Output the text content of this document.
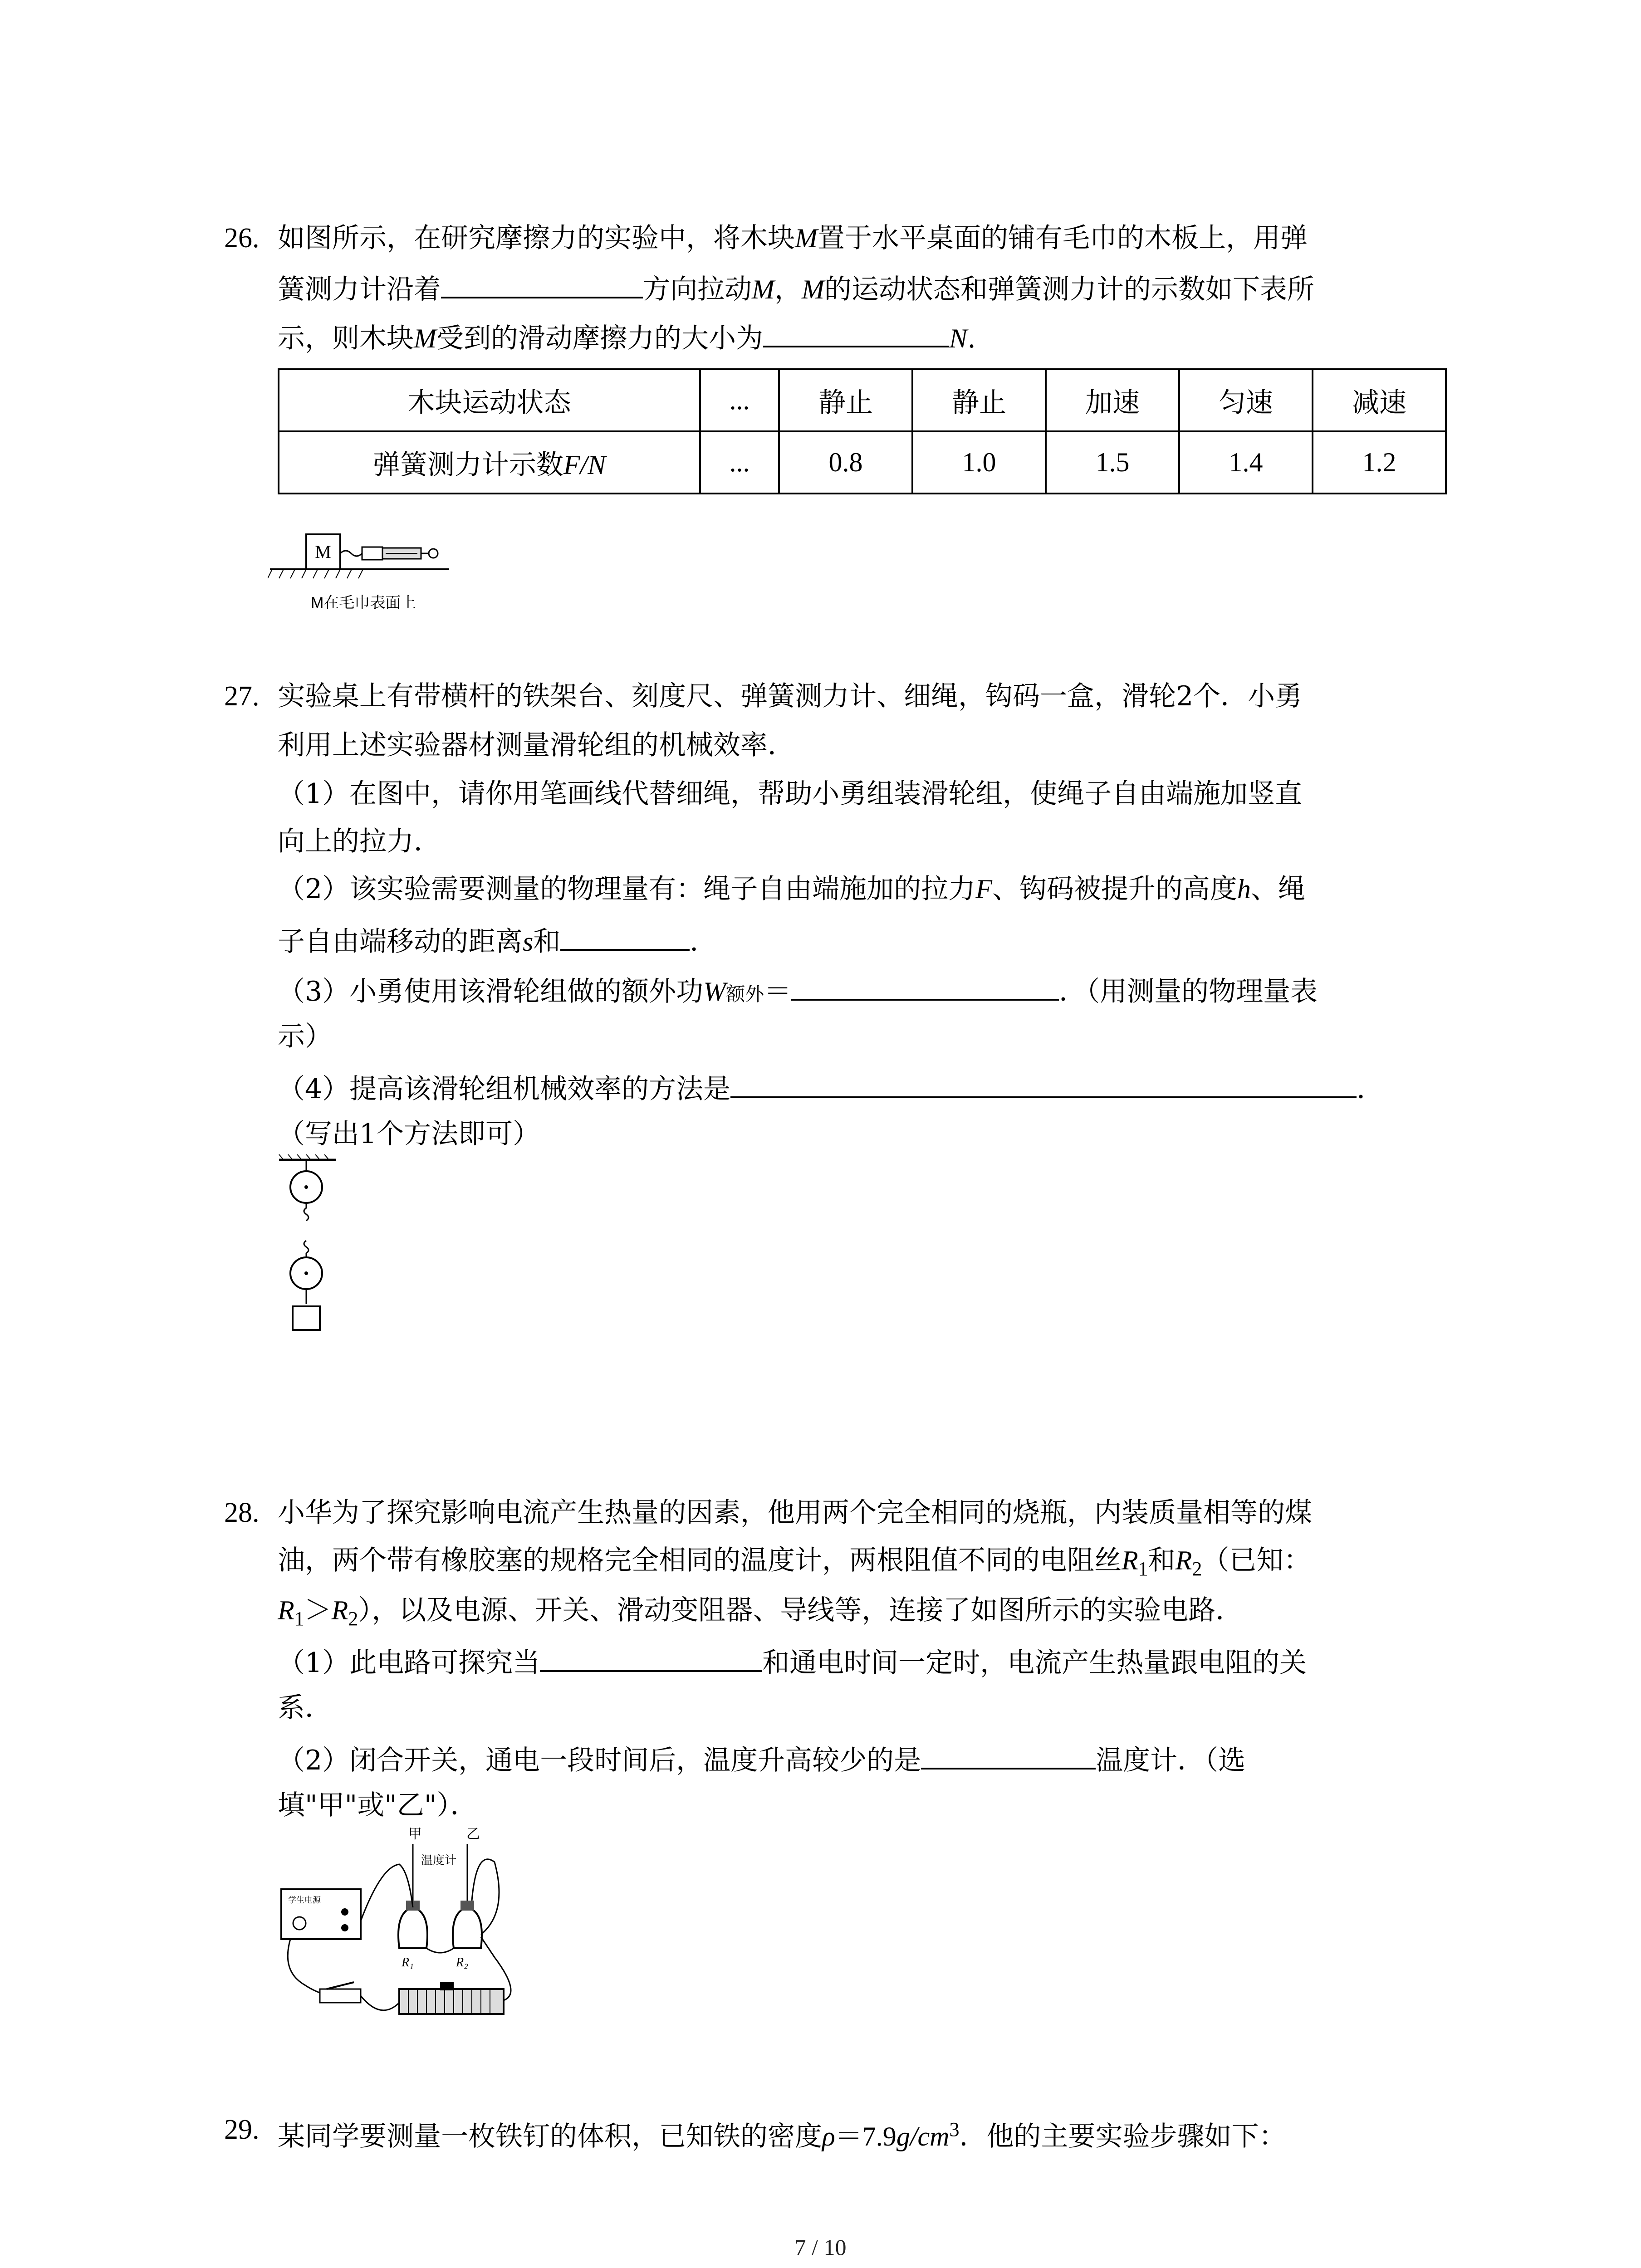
26. 如图所示，在研究摩擦力的实验中，将木块M置于水平桌面的铺有毛巾的木板上，用弹
簧测力计沿着	方向拉动M，M的运动状态和弹簧测力计的示数如下表所
示，则木块M受到的滑动摩擦力的大小为	N.
木块运动状态	...	静止	静止	加速	匀速	减速
弹簧测力计示数F/N	...	0.8	1.0	1.5	1.4	1.2
M
M在毛巾表面上
27. 实验桌上有带横杆的铁架台、刻度尺、弹簧测力计、细绳，钩码一盒，滑轮2个．小勇
利用上述实验器材测量滑轮组的机械效率．
（1）在图中，请你用笔画线代替细绳，帮助小勇组装滑轮组，使绳子自由端施加竖直
向上的拉力．
（2）该实验需要测量的物理量有：绳子自由端施加的拉力F、钩码被提升的高度h、绳
子自由端移动的距离s和	．
（3）小勇使用该滑轮组做的额外功W额外＝	．（用测量的物理量表
示）
（4）提高该滑轮组机械效率的方法是	．
（写出1个方法即可）
28. 小华为了探究影响电流产生热量的因素，他用两个完全相同的烧瓶，内装质量相等的煤
油，两个带有橡胶塞的规格完全相同的温度计，两根阻值不同的电阻丝$R_1$和$R_2$（已知：
$R_1>R_2$），以及电源、开关、滑动变阻器、导线等，连接了如图所示的实验电路．
（1）此电路可探究当	和通电时间一定时，电流产生热量跟电阻的关
系．
（2）闭合开关，通电一段时间后，温度升高较少的是	温度计．（选
填"甲"或"乙"）．
甲	乙
温度计
R₁	R₂
学生电源
29. 某同学要测量一枚铁钉的体积，已知铁的密度$\rho=7.9g/cm^3$．他的主要实验步骤如下：
7 / 10
